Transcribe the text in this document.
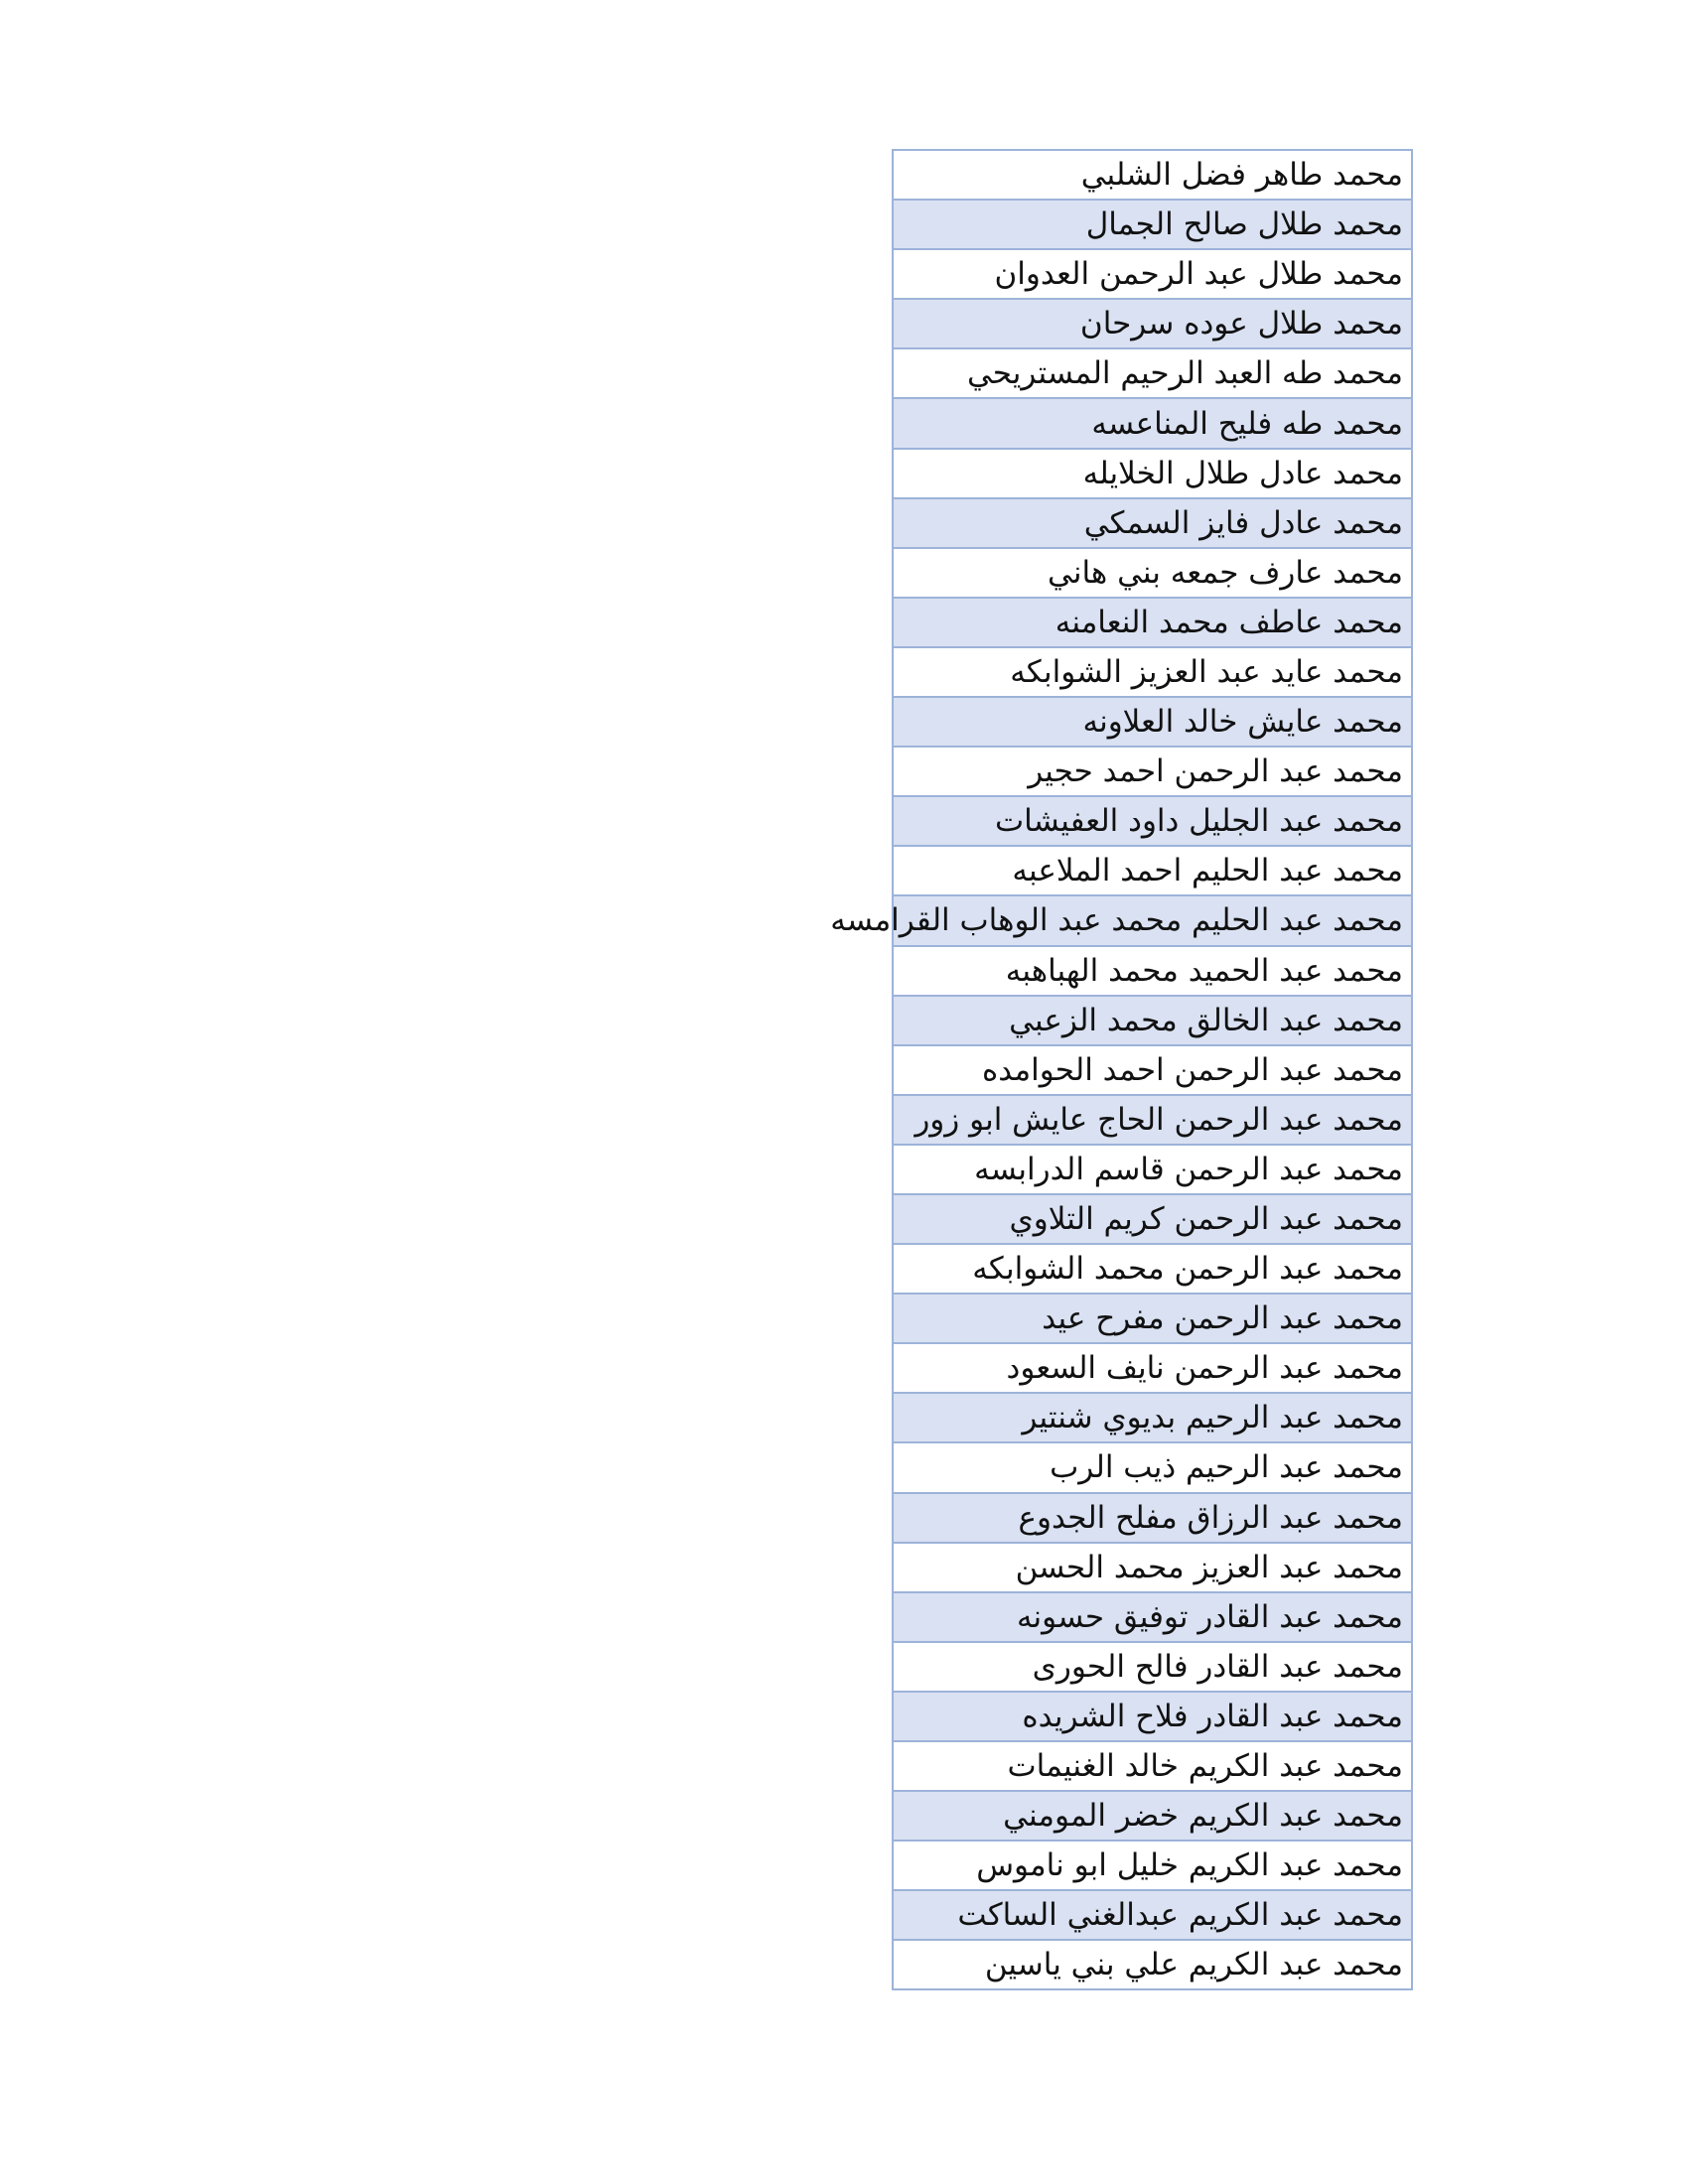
محمد طاهر فضل الشلبي
محمد طلال صالح الجمال
محمد طلال عبد الرحمن العدوان
محمد طلال عوده سرحان
محمد طه العبد الرحيم المستريحي
محمد طه فليح المناعسه
محمد عادل طلال الخلايله
محمد عادل فايز السمكي
محمد عارف جمعه بني هاني
محمد عاطف محمد النعامنه
محمد عايد عبد العزيز الشوابكه
محمد عايش خالد العلاونه
محمد عبد الرحمن احمد حجير
محمد عبد الجليل داود العفيشات
محمد عبد الحليم احمد الملاعبه
محمد عبد الحليم محمد عبد الوهاب القرامسه
محمد عبد الحميد محمد الهباهبه
محمد عبد الخالق محمد الزعبي
محمد عبد الرحمن احمد الحوامده
محمد عبد الرحمن الحاج عايش ابو زور
محمد عبد الرحمن قاسم الدرابسه
محمد عبد الرحمن كريم التلاوي
محمد عبد الرحمن محمد الشوابكه
محمد عبد الرحمن مفرح عيد
محمد عبد الرحمن نايف السعود
محمد عبد الرحيم بديوي شنتير
محمد عبد الرحيم ذيب الرب
محمد عبد الرزاق مفلح الجدوع
محمد عبد العزيز محمد الحسن
محمد عبد القادر توفيق حسونه
محمد عبد القادر فالح الحورى
محمد عبد القادر فلاح الشريده
محمد عبد الكريم خالد الغنيمات
محمد عبد الكريم خضر المومني
محمد عبد الكريم خليل ابو ناموس
محمد عبد الكريم عبدالغني الساكت
محمد عبد الكريم علي بني ياسين
